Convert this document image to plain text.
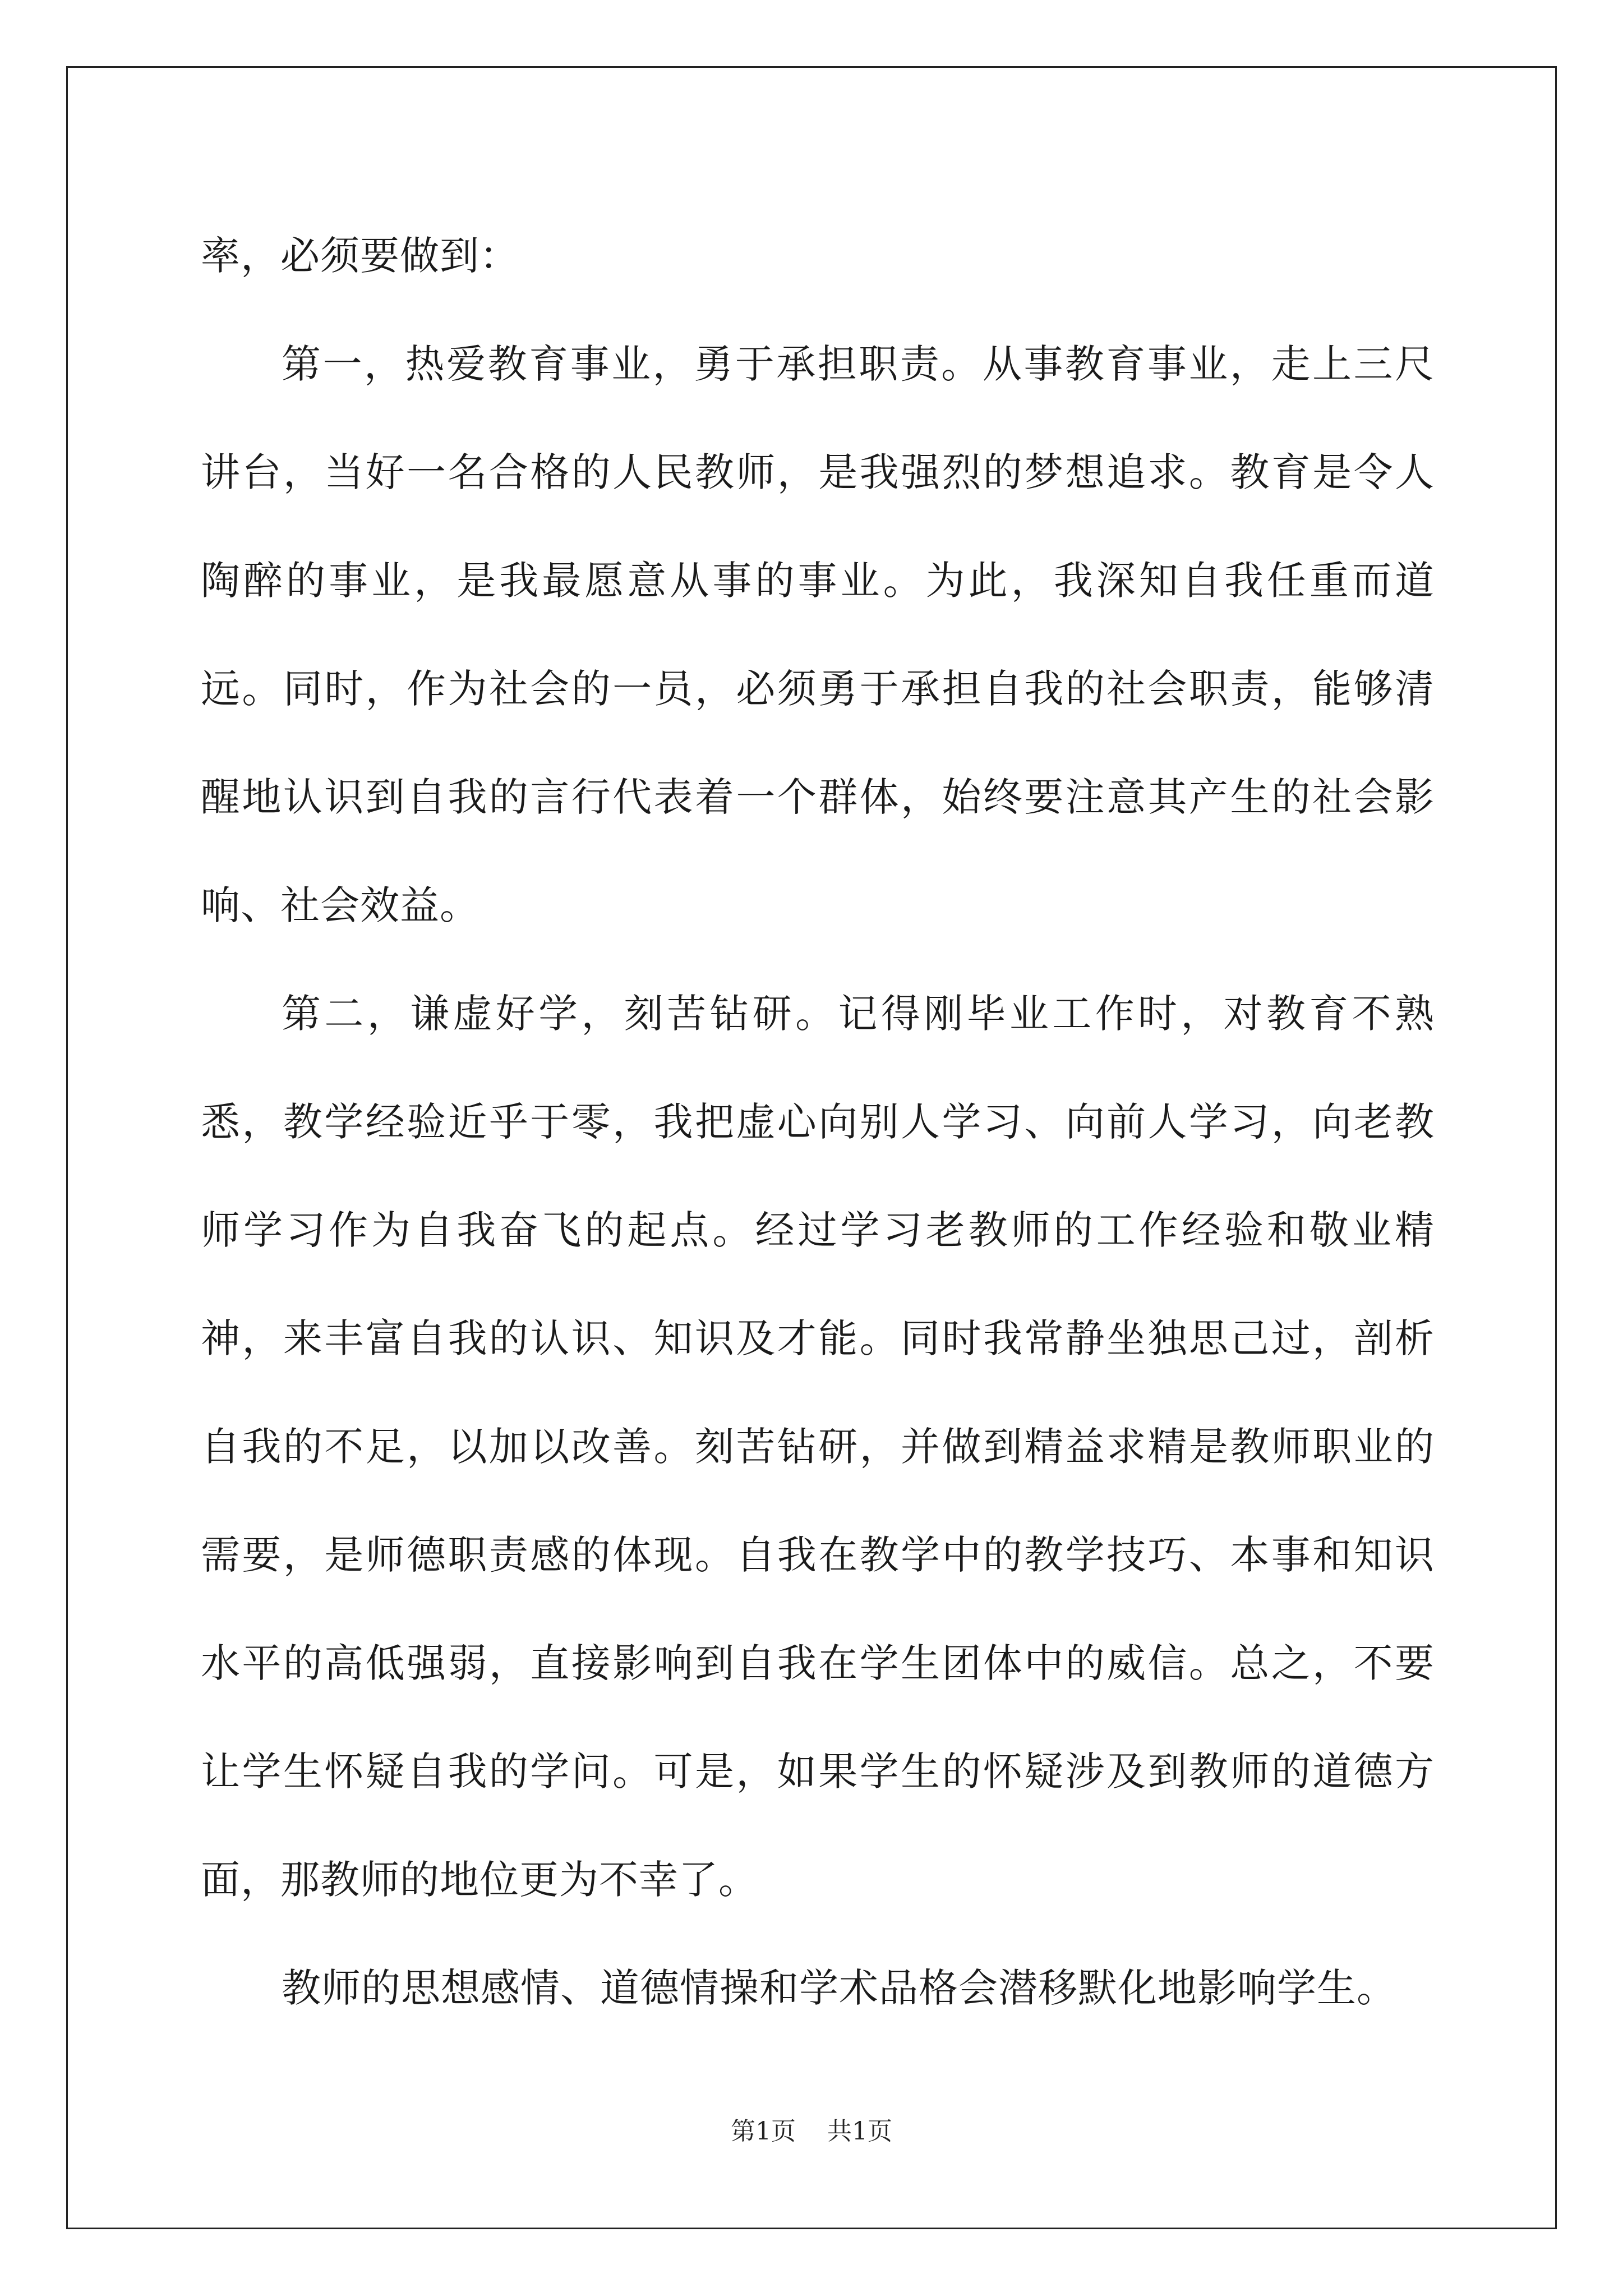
率，必须要做到：

第一，热爱教育事业，勇于承担职责。从事教育事业，走上三尺讲台，当好一名合格的人民教师，是我强烈的梦想追求。教育是令人陶醉的事业，是我最愿意从事的事业。为此，我深知自我任重而道远。同时，作为社会的一员，必须勇于承担自我的社会职责，能够清醒地认识到自我的言行代表着一个群体，始终要注意其产生的社会影响、社会效益。

第二，谦虚好学，刻苦钻研。记得刚毕业工作时，对教育不熟悉，教学经验近乎于零，我把虚心向别人学习、向前人学习，向老教师学习作为自我奋飞的起点。经过学习老教师的工作经验和敬业精神，来丰富自我的认识、知识及才能。同时我常静坐独思己过，剖析自我的不足，以加以改善。刻苦钻研，并做到精益求精是教师职业的需要，是师德职责感的体现。自我在教学中的教学技巧、本事和知识水平的高低强弱，直接影响到自我在学生团体中的威信。总之，不要让学生怀疑自我的学问。可是，如果学生的怀疑涉及到教师的道德方面，那教师的地位更为不幸了。

教师的思想感情、道德情操和学术品格会潜移默化地影响学生。

第1页 共1页
